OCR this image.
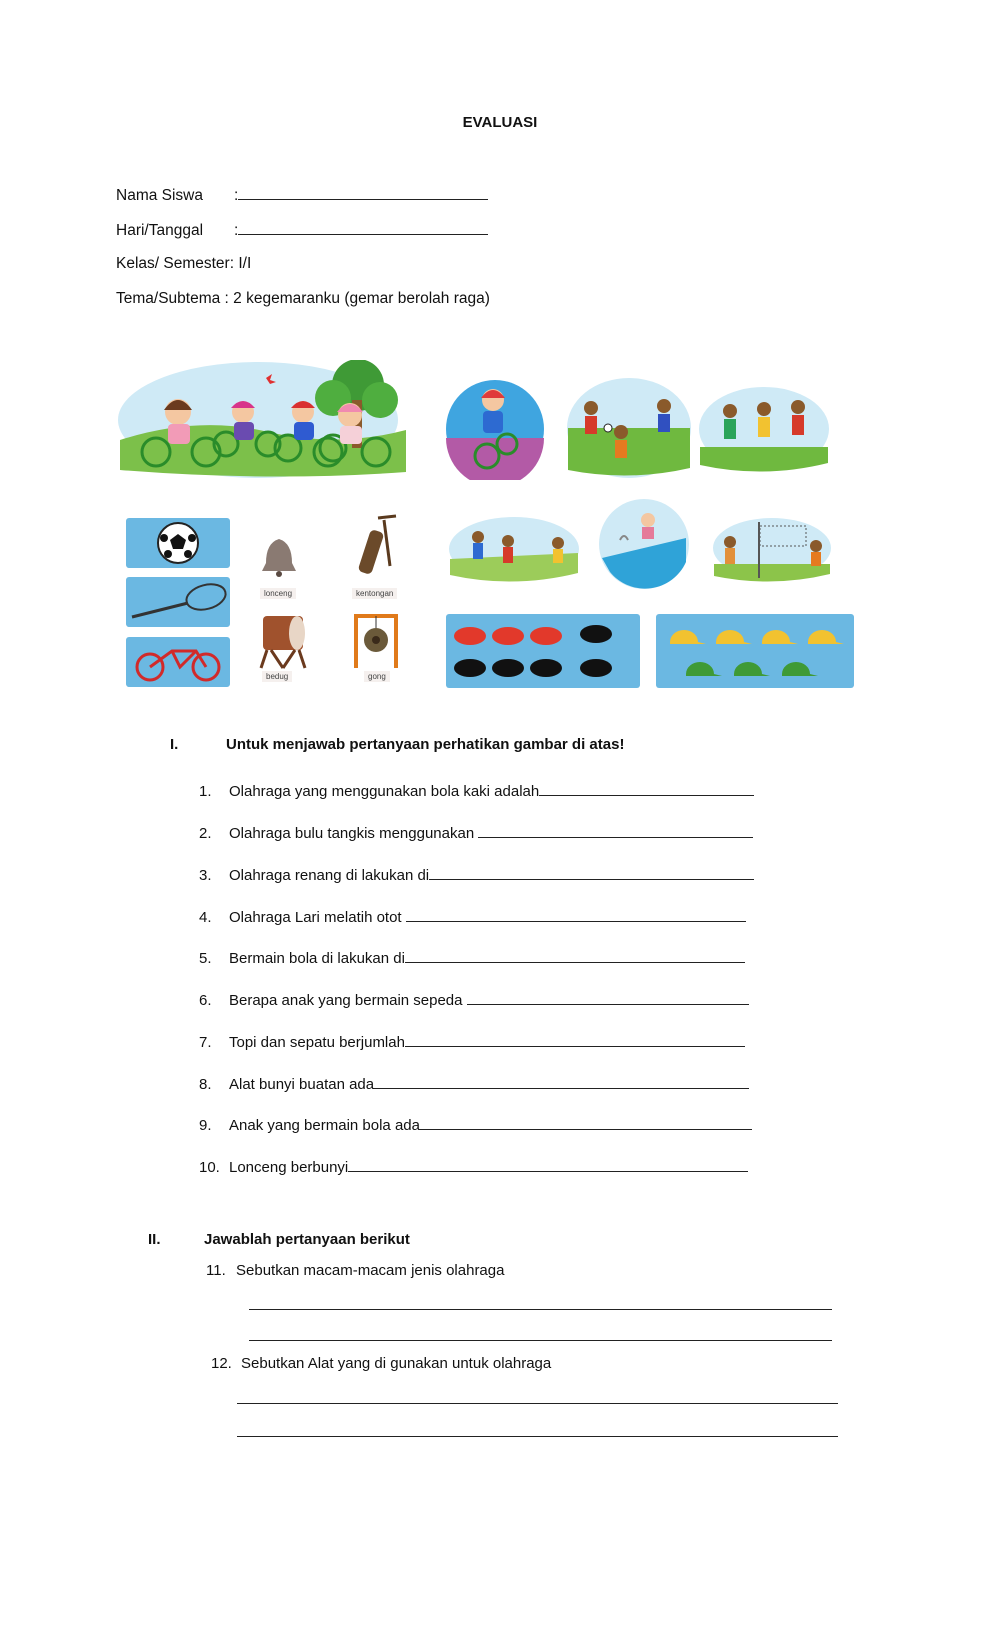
EVALUASI
Nama Siswa :
Hari/Tanggal :
Kelas/ Semester: I/I
Tema/Subtema : 2 kegemaranku (gemar berolah raga)
lonceng	kentongan
bedug	gong
I.	Untuk menjawab pertanyaan perhatikan gambar di atas!
1. Olahraga yang menggunakan bola kaki adalah
2. Olahraga bulu tangkis menggunakan
3. Olahraga renang di lakukan di
4. Olahraga Lari melatih otot
5. Bermain bola di lakukan di
6. Berapa anak yang bermain sepeda
7. Topi dan sepatu berjumlah
8. Alat bunyi buatan ada
9. Anak yang bermain bola ada
10. Lonceng berbunyi
II.	Jawablah pertanyaan berikut
11. Sebutkan macam-macam jenis olahraga
12. Sebutkan Alat yang di gunakan untuk olahraga
